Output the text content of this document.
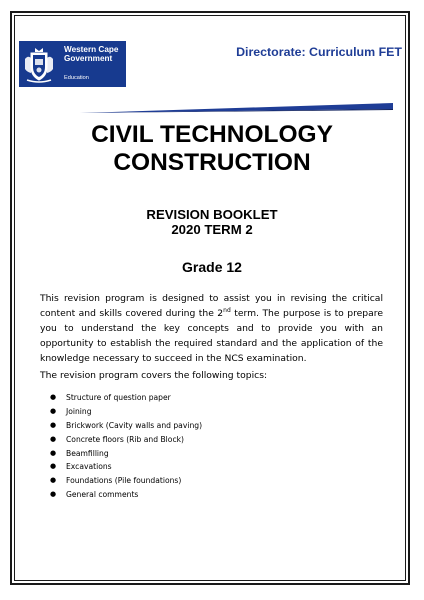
Western Cape
Government
Education
Directorate: Curriculum FET
CIVIL TECHNOLOGY
CONSTRUCTION
REVISION BOOKLET
2020 TERM 2
Grade 12

This revision program is designed to assist you in revising the critical content and skills covered during the 2nd term. The purpose is to prepare you to understand the key concepts and to provide you with an opportunity to establish the required standard and the application of the knowledge necessary to succeed in the NCS examination.

The revision program covers the following topics:

● Structure of question paper
● Joining
● Brickwork (Cavity walls and paving)
● Concrete floors (Rib and Block)
● Beamfilling
● Excavations
● Foundations (Pile foundations)
● General comments
